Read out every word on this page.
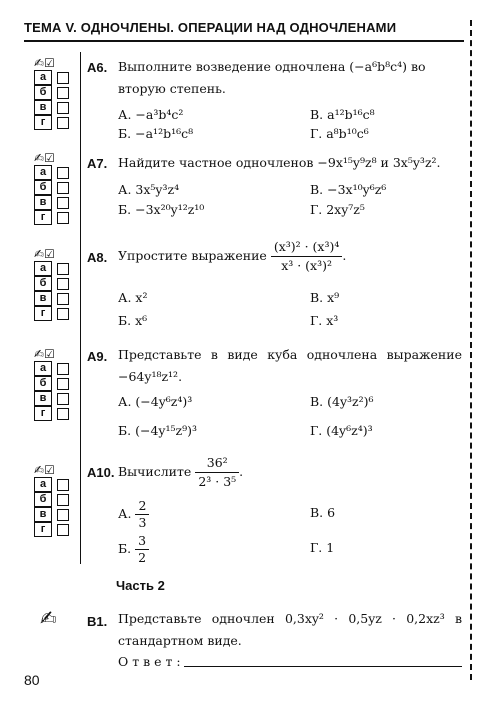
ТЕМА V. ОДНОЧЛЕНЫ. ОПЕРАЦИИ НАД ОДНОЧЛЕНАМИ
✍☑
а
б
в
г
А6. Выполните возведение одночлена (−a⁶b⁸c⁴) во вторую степень.
А. −a³b⁴c²	В. a¹²b¹⁶c⁸
Б. −a¹²b¹⁶c⁸	Г. a⁸b¹⁰c⁶
✍☑
а
б
в
г
А7. Найдите частное одночленов −9x¹⁵y⁹z⁸ и 3x⁵y³z².
А. 3x⁵y³z⁴	В. −3x¹⁰y⁶z⁶
Б. −3x²⁰y¹²z¹⁰	Г. 2xy⁷z⁵
✍☑
а
б
в
г
А8. Упростите выражение $\frac{\text{(x³)² · (x³)⁴}}{\text{x³ · (x³)²}}$ .
А. x²	В. x⁹
Б. x⁶	Г. x³
✍☑
а
б
в
г
А9. Представьте в виде куба одночлена выражение −64y¹⁸z¹².
А. (−4y⁶z⁴)³	В. (4y³z²)⁶
Б. (−4y¹⁵z⁹)³	Г. (4y⁶z⁴)³
✍☑
а
б
в
г
А10. Вычислите $\frac{\text{36²}}{\text{2³ · 3⁵}}$ .
А. $\frac{2}{3}$	В. 6
Б. $\frac{3}{2}$	Г. 1
Часть 2
✍ В1. Представьте одночлен 0,3xy² · 0,5yz · 0,2xz³ в стандартном виде.
О т в е т :
80
